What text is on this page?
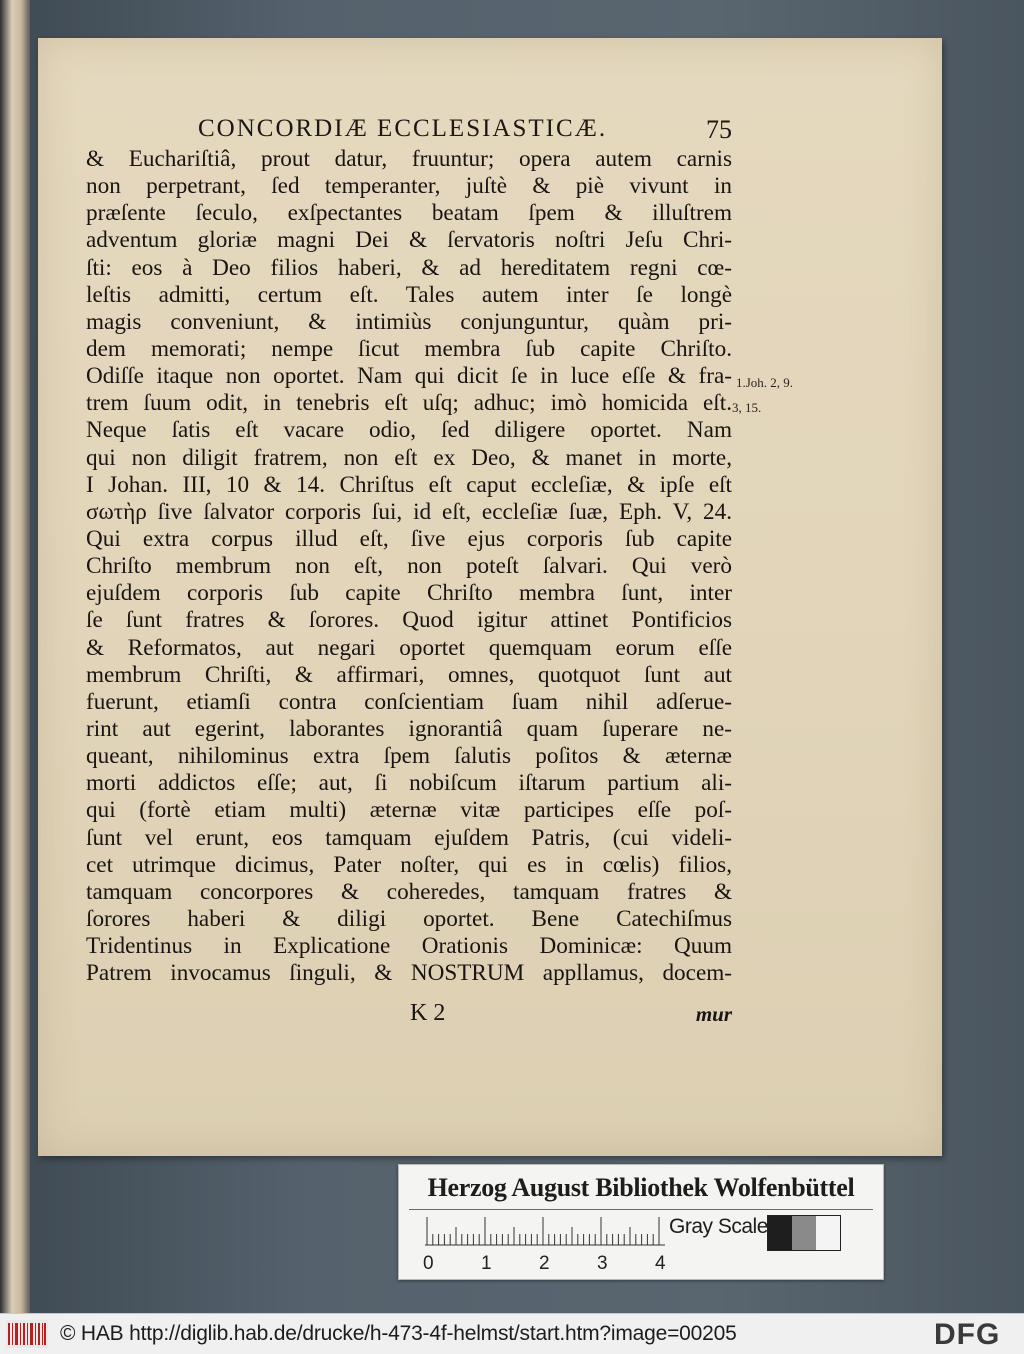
CONCORDIÆ ECCLESIASTICÆ.	75
& Euchariſtiâ, prout datur, fruuntur; opera autem carnis
non perpetrant, ſed temperanter, juſtè & piè vivunt in
præſente ſeculo, exſpectantes beatam ſpem & illuſtrem
adventum gloriæ magni Dei & ſervatoris noſtri Jeſu Chri-
ſti: eos à Deo filios haberi, & ad hereditatem regni cœ-
leſtis admitti, certum eſt. Tales autem inter ſe longè
magis conveniunt, & intimiùs conjunguntur, quàm pri-
dem memorati; nempe ſicut membra ſub capite Chriſto.
Odiſſe itaque non oportet. Nam qui dicit ſe in luce eſſe & fra-
trem ſuum odit, in tenebris eſt uſq; adhuc; imò homicida eſt.
Neque ſatis eſt vacare odio, ſed diligere oportet. Nam
qui non diligit fratrem, non eſt ex Deo, & manet in morte,
I Johan. III, 10 & 14. Chriſtus eſt caput eccleſiæ, & ipſe eſt
σωτὴρ ſive ſalvator corporis ſui, id eſt, eccleſiæ ſuæ, Eph. V, 24.
Qui extra corpus illud eſt, ſive ejus corporis ſub capite
Chriſto membrum non eſt, non poteſt ſalvari. Qui verò
ejuſdem corporis ſub capite Chriſto membra ſunt, inter
ſe ſunt fratres & ſorores. Quod igitur attinet Pontificios
& Reformatos, aut negari oportet quemquam eorum eſſe
membrum Chriſti, & affirmari, omnes, quotquot ſunt aut
fuerunt, etiamſi contra conſcientiam ſuam nihil adſerue-
rint aut egerint, laborantes ignorantiâ quam ſuperare ne-
queant, nihilominus extra ſpem ſalutis poſitos & æternæ
morti addictos eſſe; aut, ſi nobiſcum iſtarum partium ali-
qui (fortè etiam multi) æternæ vitæ participes eſſe poſ-
ſunt vel erunt, eos tamquam ejuſdem Patris, (cui videli-
cet utrimque dicimus, Pater noſter, qui es in cœlis) filios,
tamquam concorpores & coheredes, tamquam fratres &
ſorores haberi & diligi oportet. Bene Catechiſmus
Tridentinus in Explicatione Orationis Dominicæ: Quum
Patrem invocamus ſinguli, & NOSTRUM appllamus, docem-
1.Joh. 2, 9.
3, 15.
K 2	mur
Herzog August Bibliothek Wolfenbüttel
0 1 2 3 4
Gray Scale
© HAB http://diglib.hab.de/drucke/h-473-4f-helmst/start.htm?image=00205	DFG
